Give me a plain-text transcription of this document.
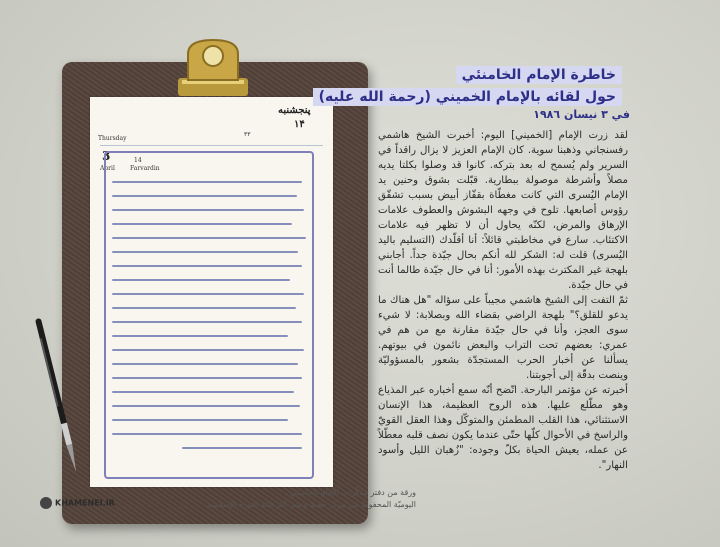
پنجشنبه
۱۴
Thursday
۳۳
3
April
14
Farvardin
خاطرة الإمام الخامنئي
حول لقائه بالإمام الخميني (رحمة الله عليه)
في ٣ نيسان ١٩٨٦

لقد زرت الإمام [الخميني] اليوم: أخبرت الشيخ هاشمي رفسنجاني وذهبنا سوية. كان الإمام العزيز لا يزال راقداً في السرير ولم يُسمح له بعد بتركه. كانوا قد وصلوا بكلتا يديه مصلاً وأشرطة موصولة ببطارية. قبّلت بشوق وحنين يد الإمام اليُسرى التي كانت مغطّاة بقفّاز أبيض بسبب تشقّق رؤوس أصابعها. تلوح في وجهه البشوش والعطوف علامات الإرهاق والمرض، لكنّه يحاول أن لا تظهر فيه علامات الاكتئاب. سارع في مخاطبتي قائلاً: أنا أقلّدك (التسليم باليد اليُسرى) قلت له: الشكر لله أنكم بحال جيّدة جداً. أجابني بلهجة غير المكترث بهذه الأمور: أنا في حال جيّدة طالما أنت في حال جيّدة.

ثمّ التفت إلى الشيخ هاشمي مجيباً على سؤاله "هل هناك ما يدعو للقلق؟" بلهجة الراضي بقضاء الله وبصلابة: لا شيء سوى العجز، وأنا في حال جيّدة مقارنة مع من هم في عمري: بعضهم تحت التراب والبعض نائمون في بيوتهم. يسألنا عن أخبار الحرب المستجدّة بشعور بالمسؤوليّة وينصت بدقّة إلى أجوبتنا.

أخبرته عن مؤتمر البارحة. اتّضح أنّه سمع أخباره عبر المذياع وهو مطّلع عليها. هذه الروح العظيمة، هذا الإنسان الاستثنائي، هذا القلب المطمئن والمتوكّل وهذا العقل القويّ والراسخ في الأحوال كلّها حتّى عندما يكون نصف قلبه معطّلاً عن عمله، يعيش الحياة بكلّ وجوده: "زُهبان الليل وأسود النهار".

ورقة من دفتر مذكّرات الإمام الخامنئي
اليوميّة المحفوظ في مركز حفظ ونشر آثار قائد الثورة الإسلامية
KHAMENEI.IR
